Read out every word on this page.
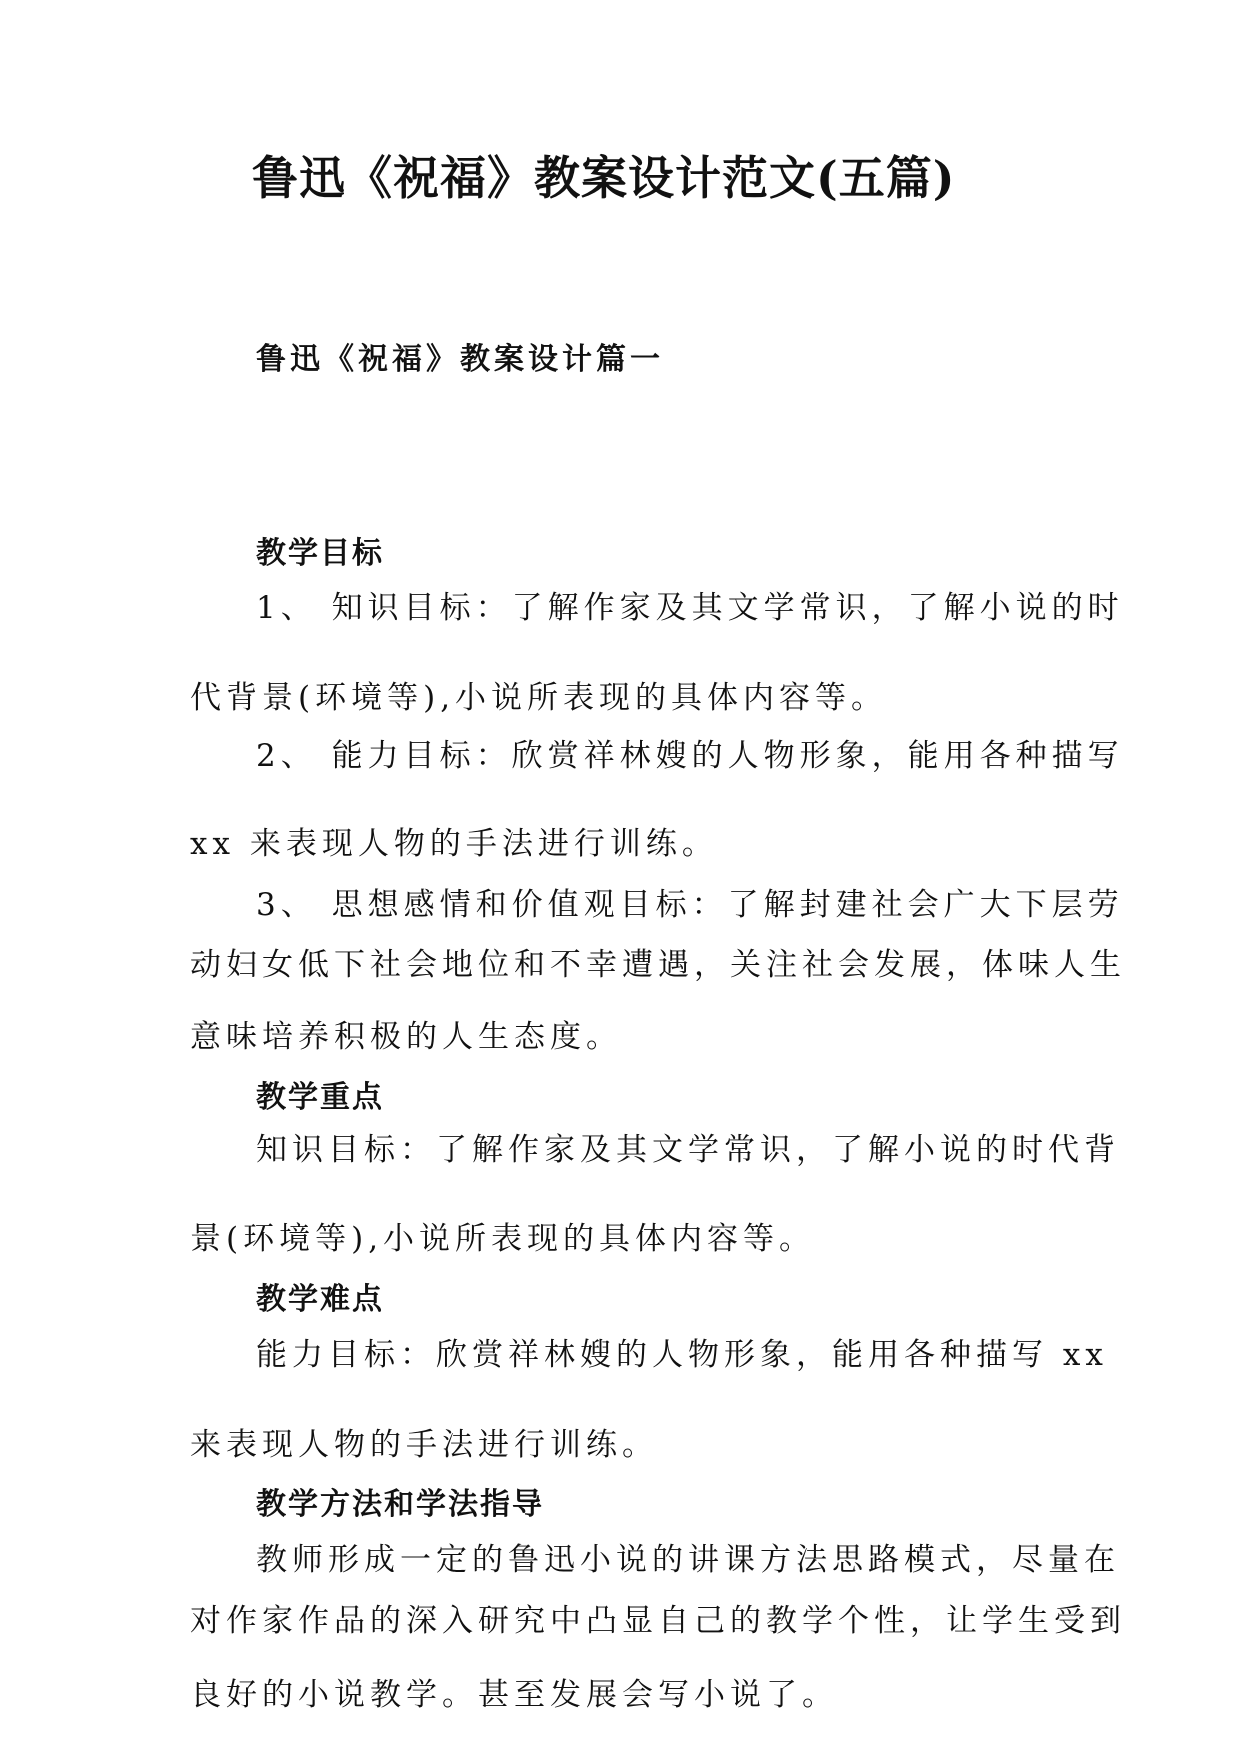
鲁迅《祝福》教案设计范文(五篇)
鲁迅《祝福》教案设计篇一
教学目标
1、 知识目标：了解作家及其文学常识，了解小说的时
代背景(环境等),小说所表现的具体内容等。
2、 能力目标：欣赏祥林嫂的人物形象，能用各种描写
xx 来表现人物的手法进行训练。
3、 思想感情和价值观目标：了解封建社会广大下层劳
动妇女低下社会地位和不幸遭遇，关注社会发展，体味人生
意味培养积极的人生态度。
教学重点
知识目标：了解作家及其文学常识，了解小说的时代背
景(环境等),小说所表现的具体内容等。
教学难点
能力目标：欣赏祥林嫂的人物形象，能用各种描写 xx
来表现人物的手法进行训练。
教学方法和学法指导
教师形成一定的鲁迅小说的讲课方法思路模式，尽量在
对作家作品的深入研究中凸显自己的教学个性，让学生受到
良好的小说教学。甚至发展会写小说了。
